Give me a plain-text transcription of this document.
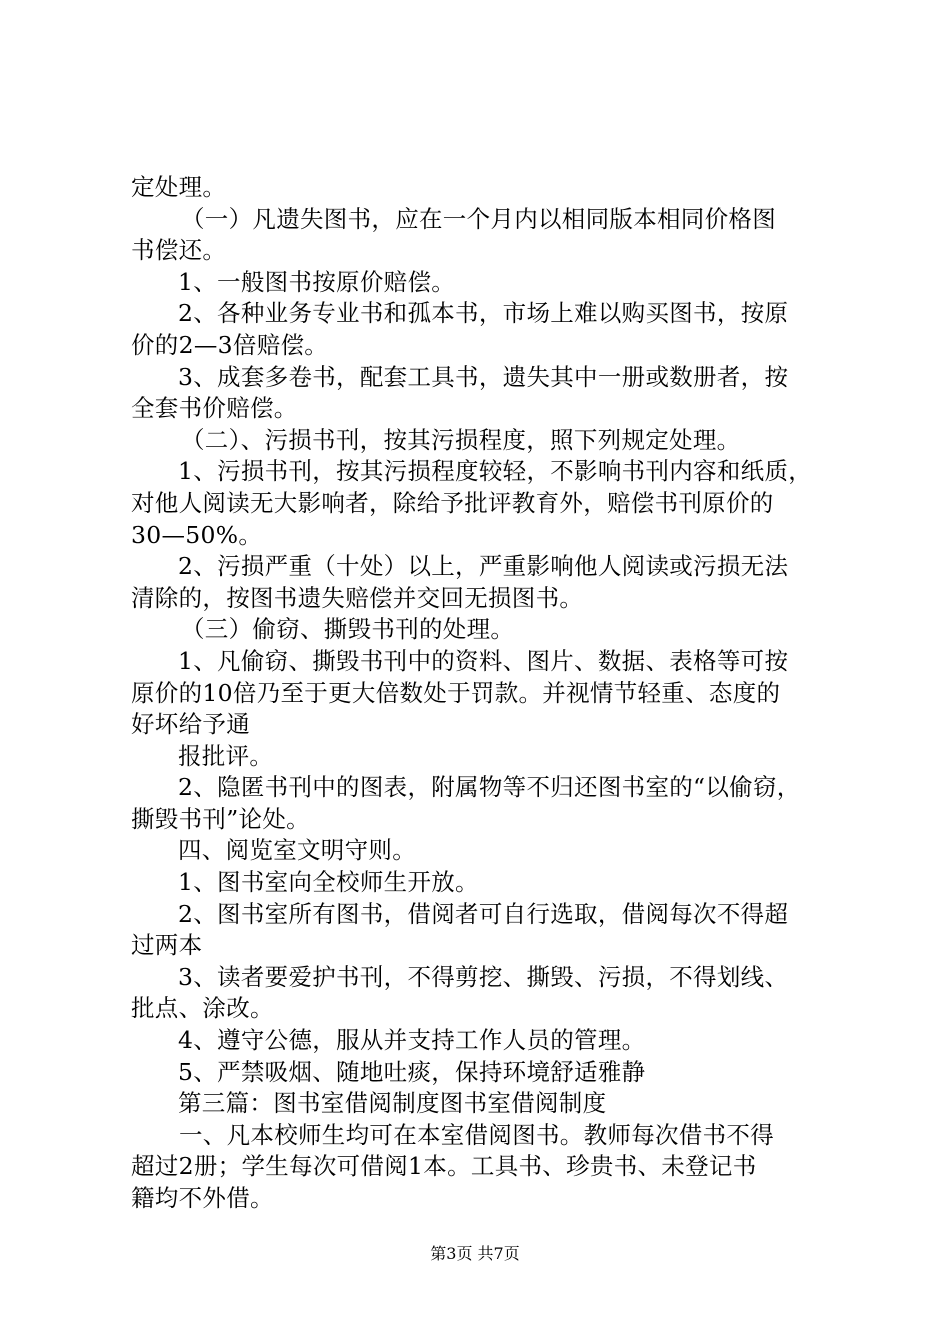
定处理。
（一）凡遗失图书，应在一个月内以相同版本相同价格图
书偿还。
1、一般图书按原价赔偿。
2、各种业务专业书和孤本书，市场上难以购买图书，按原
价的2—3倍赔偿。
3、成套多卷书，配套工具书，遗失其中一册或数册者，按
全套书价赔偿。
（二）、污损书刊，按其污损程度，照下列规定处理。
1、污损书刊，按其污损程度较轻，不影响书刊内容和纸质，
对他人阅读无大影响者，除给予批评教育外，赔偿书刊原价的
30—50%。
2、污损严重（十处）以上，严重影响他人阅读或污损无法
清除的，按图书遗失赔偿并交回无损图书。
（三）偷窃、撕毁书刊的处理。
1、凡偷窃、撕毁书刊中的资料、图片、数据、表格等可按
原价的10倍乃至于更大倍数处于罚款。并视情节轻重、态度的
好坏给予通
报批评。
2、隐匿书刊中的图表，附属物等不归还图书室的“以偷窃，
撕毁书刊”论处。
四、阅览室文明守则。
1、图书室向全校师生开放。
2、图书室所有图书，借阅者可自行选取，借阅每次不得超
过两本
3、读者要爱护书刊，不得剪挖、撕毁、污损，不得划线、
批点、涂改。
4、遵守公德，服从并支持工作人员的管理。
5、严禁吸烟、随地吐痰，保持环境舒适雅静
第三篇：图书室借阅制度图书室借阅制度
一、凡本校师生均可在本室借阅图书。教师每次借书不得
超过2册；学生每次可借阅1本。工具书、珍贵书、未登记书
籍均不外借。
第3页 共7页
